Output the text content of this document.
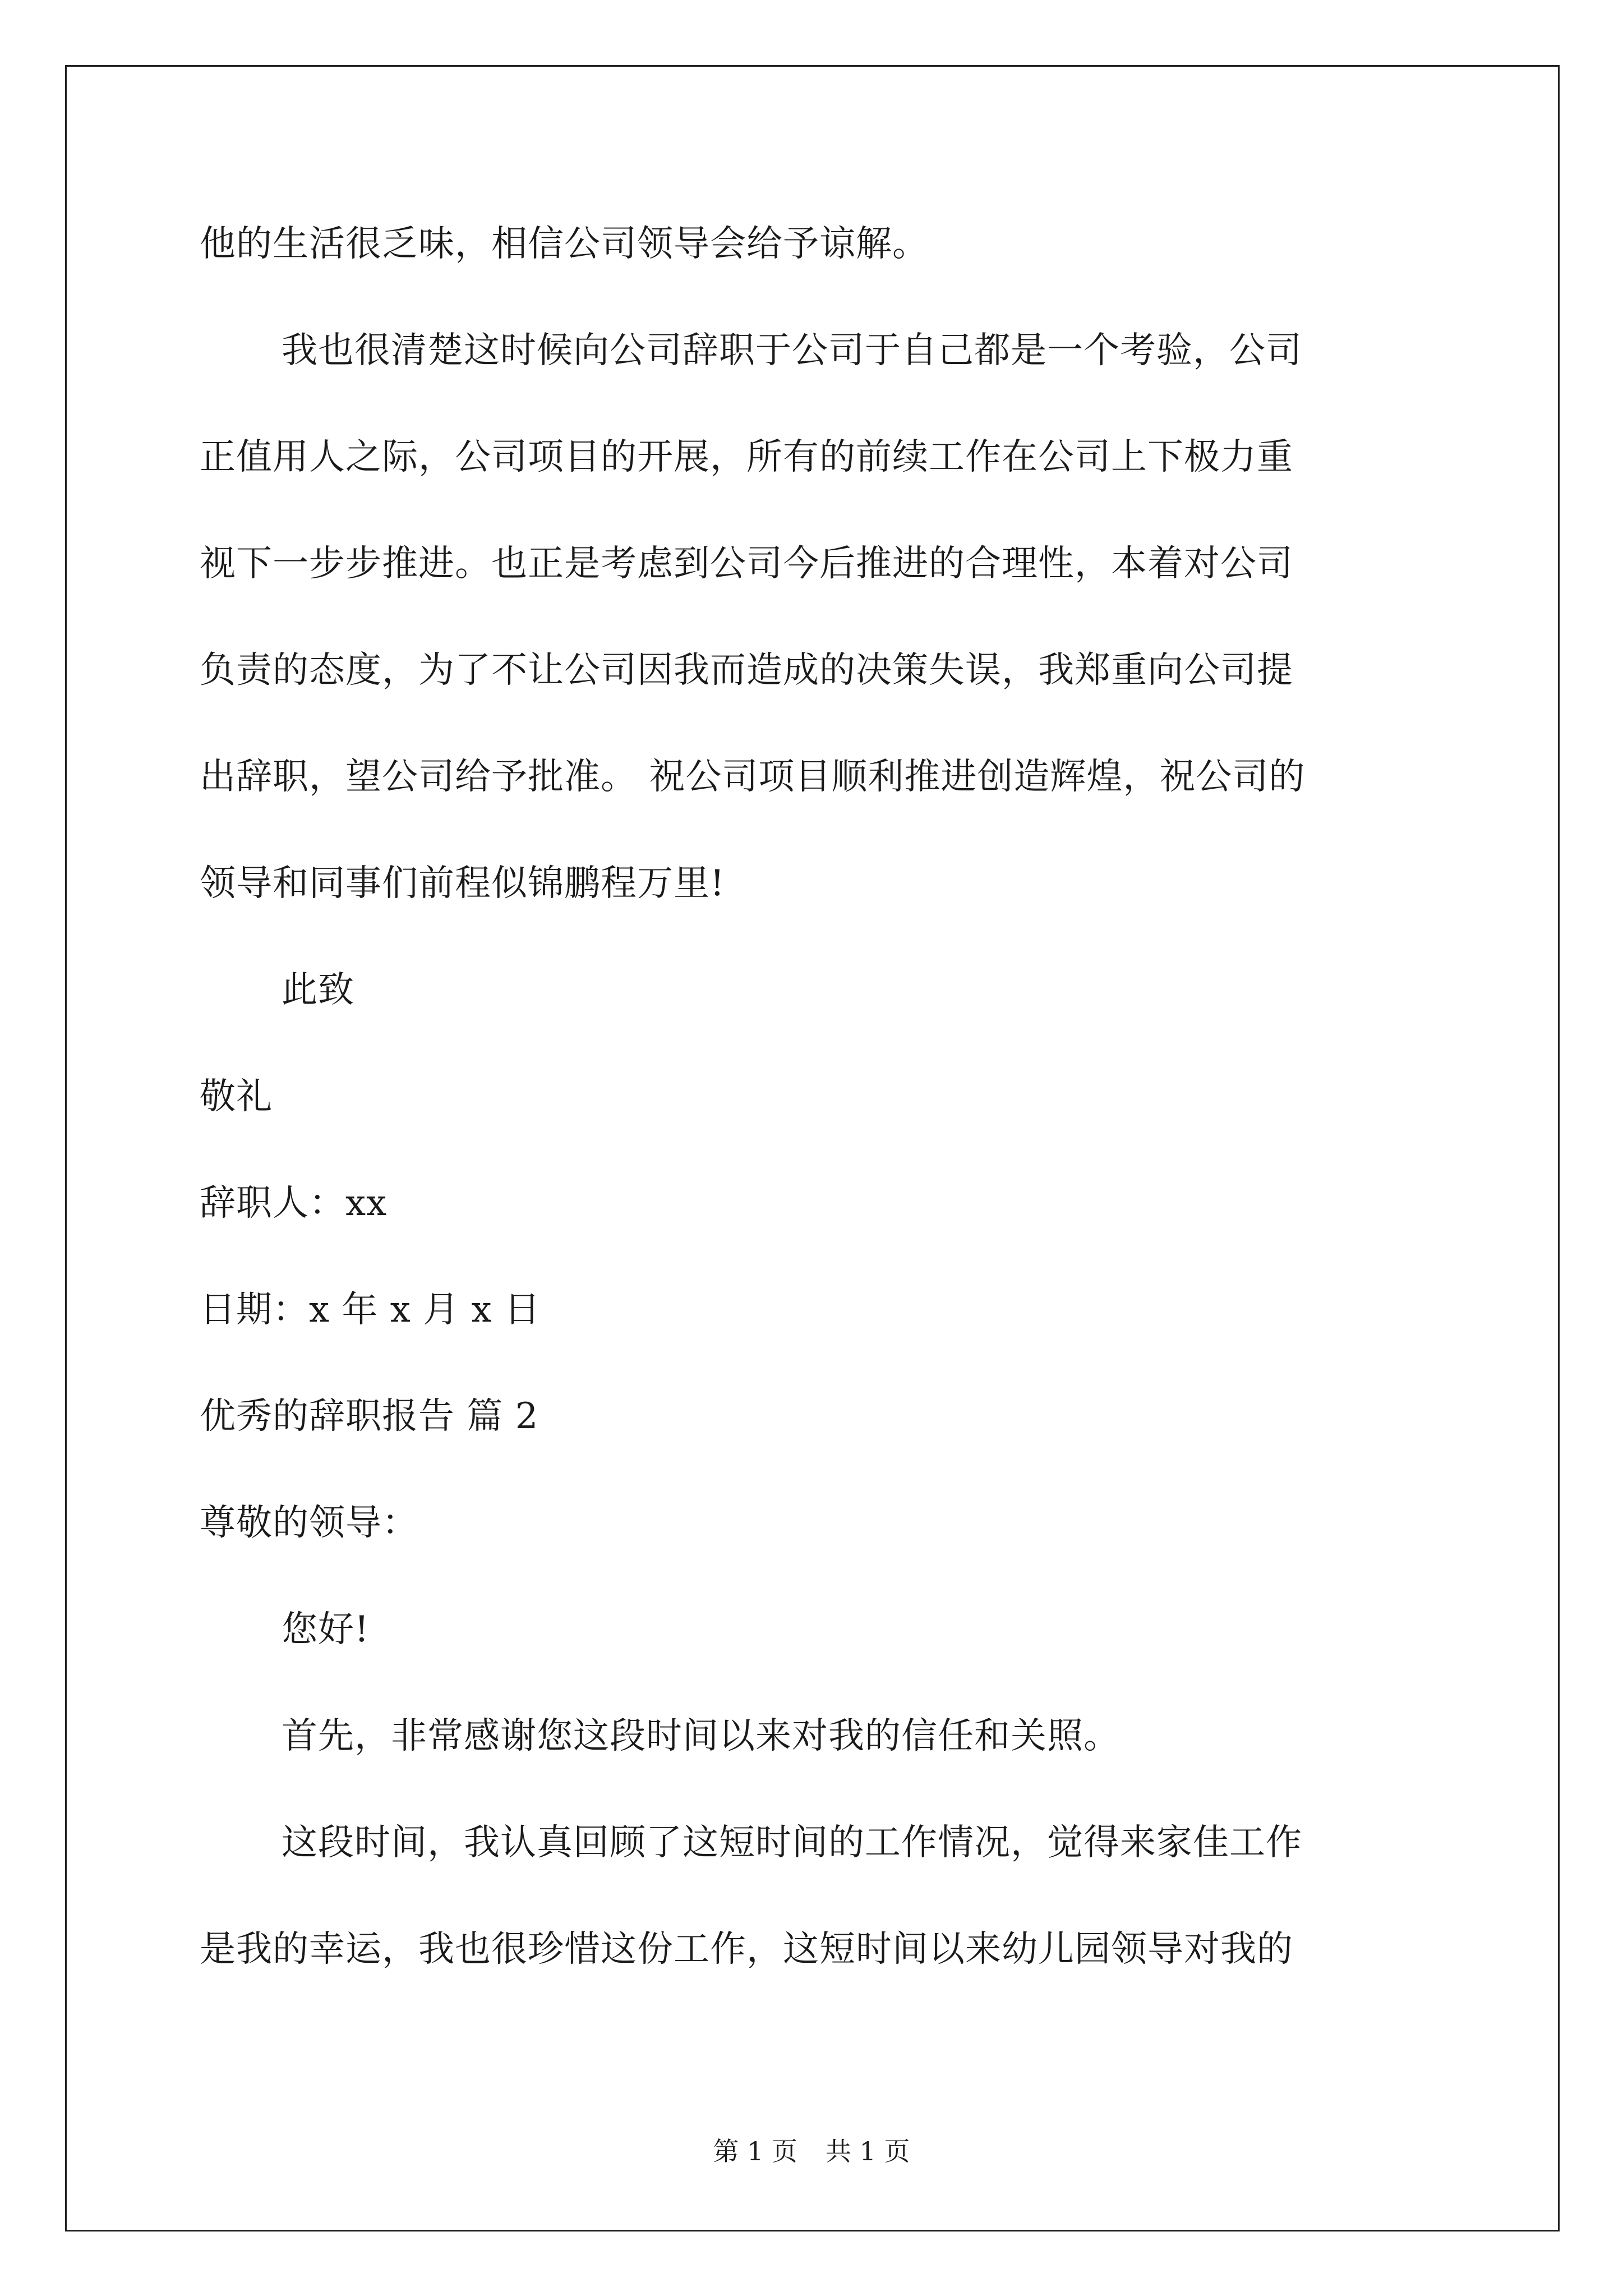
他的生活很乏味，相信公司领导会给予谅解。
我也很清楚这时候向公司辞职于公司于自己都是一个考验，公司
正值用人之际，公司项目的开展，所有的前续工作在公司上下极力重
视下一步步推进。也正是考虑到公司今后推进的合理性，本着对公司
负责的态度，为了不让公司因我而造成的决策失误，我郑重向公司提
出辞职，望公司给予批准。 祝公司项目顺利推进创造辉煌，祝公司的
领导和同事们前程似锦鹏程万里!
此致
敬礼
辞职人：xx
日期：x 年 x 月 x 日
优秀的辞职报告 篇 2
尊敬的领导：
您好!
首先，非常感谢您这段时间以来对我的信任和关照。
这段时间，我认真回顾了这短时间的工作情况，觉得来家佳工作
是我的幸运，我也很珍惜这份工作，这短时间以来幼儿园领导对我的
第 1 页 共 1 页
